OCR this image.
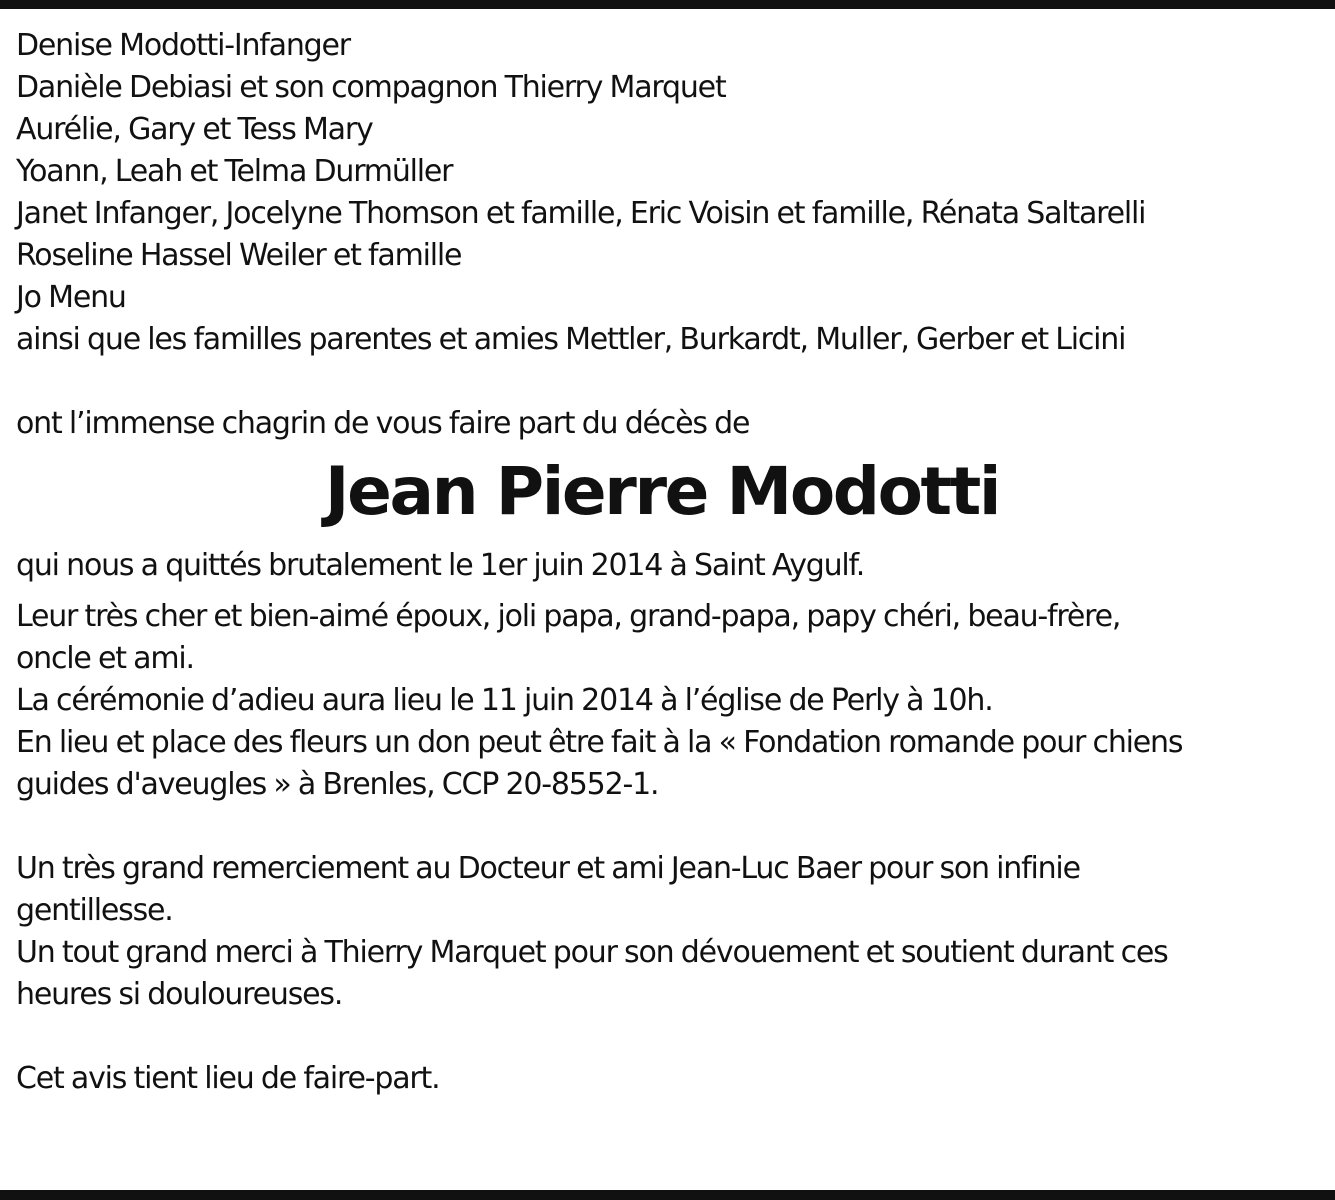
Denise Modotti-Infanger
Danièle Debiasi et son compagnon Thierry Marquet
Aurélie, Gary et Tess Mary
Yoann, Leah et Telma Durmüller
Janet Infanger, Jocelyne Thomson et famille, Eric Voisin et famille, Rénata Saltarelli
Roseline Hassel Weiler et famille
Jo Menu
ainsi que les familles parentes et amies Mettler, Burkardt, Muller, Gerber et Licini
ont l’immense chagrin de vous faire part du décès de
Jean Pierre Modotti
qui nous a quittés brutalement le 1er juin 2014 à Saint Aygulf.
Leur très cher et bien-aimé époux, joli papa, grand-papa, papy chéri, beau-frère,
oncle et ami.
La cérémonie d’adieu aura lieu le 11 juin 2014 à l’église de Perly à 10h.
En lieu et place des fleurs un don peut être fait à la « Fondation romande pour chiens
guides d'aveugles » à Brenles, CCP 20-8552-1.
Un très grand remerciement au Docteur et ami Jean-Luc Baer pour son infinie
gentillesse.
Un tout grand merci à Thierry Marquet pour son dévouement et soutient durant ces
heures si douloureuses.
Cet avis tient lieu de faire-part.
